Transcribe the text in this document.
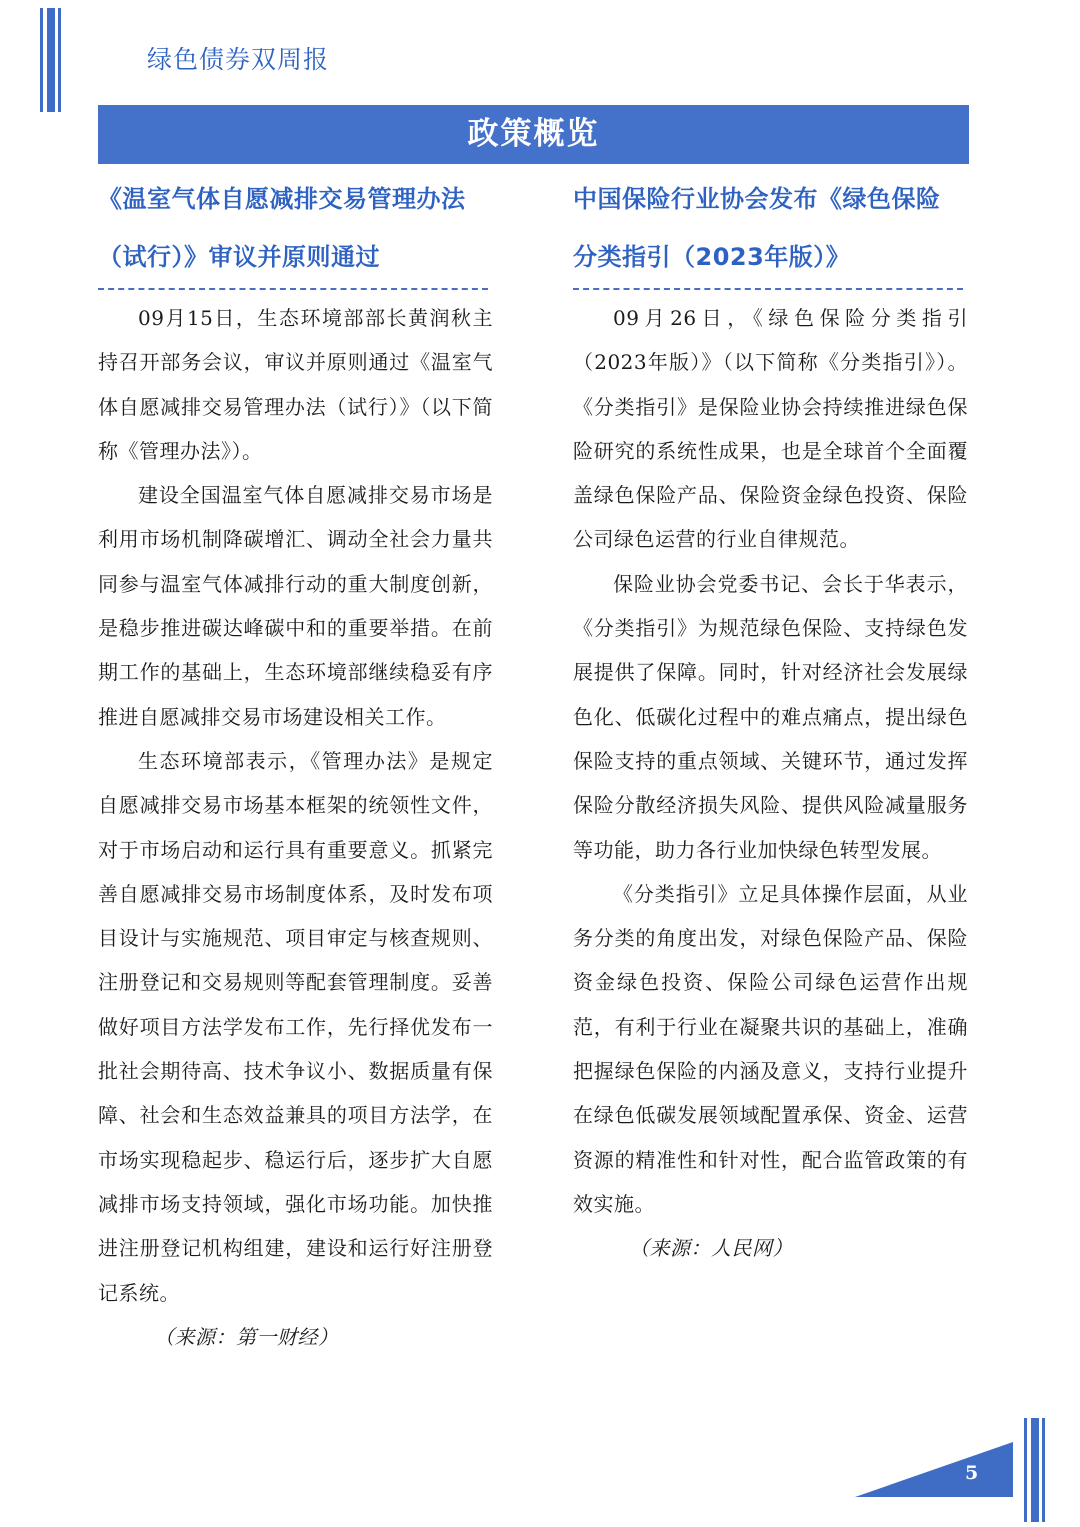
绿色债券双周报
政策概览

《温室气体自愿减排交易管理办法

（试行）》审议并原则通过

09月15日，生态环境部部长黄润秋主持召开部务会议，审议并原则通过《温室气体自愿减排交易管理办法（试行）》（以下简称《管理办法》）。

建设全国温室气体自愿减排交易市场是利用市场机制降碳增汇、调动全社会力量共同参与温室气体减排行动的重大制度创新，是稳步推进碳达峰碳中和的重要举措。在前期工作的基础上，生态环境部继续稳妥有序推进自愿减排交易市场建设相关工作。

生态环境部表示，《管理办法》是规定自愿减排交易市场基本框架的统领性文件，对于市场启动和运行具有重要意义。抓紧完善自愿减排交易市场制度体系，及时发布项目设计与实施规范、项目审定与核查规则、注册登记和交易规则等配套管理制度。妥善做好项目方法学发布工作，先行择优发布一批社会期待高、技术争议小、数据质量有保障、社会和生态效益兼具的项目方法学，在市场实现稳起步、稳运行后，逐步扩大自愿减排市场支持领域，强化市场功能。加快推进注册登记机构组建，建设和运行好注册登记系统。

（来源：第一财经）

中国保险行业协会发布《绿色保险

分类指引（2023年版）》

09月26日，《绿色保险分类指引（2023年版）》（以下简称《分类指引》）。《分类指引》是保险业协会持续推进绿色保险研究的系统性成果，也是全球首个全面覆盖绿色保险产品、保险资金绿色投资、保险公司绿色运营的行业自律规范。

保险业协会党委书记、会长于华表示，《分类指引》为规范绿色保险、支持绿色发展提供了保障。同时，针对经济社会发展绿色化、低碳化过程中的难点痛点，提出绿色保险支持的重点领域、关键环节，通过发挥保险分散经济损失风险、提供风险减量服务等功能，助力各行业加快绿色转型发展。

《分类指引》立足具体操作层面，从业务分类的角度出发，对绿色保险产品、保险资金绿色投资、保险公司绿色运营作出规范，有利于行业在凝聚共识的基础上，准确把握绿色保险的内涵及意义，支持行业提升在绿色低碳发展领域配置承保、资金、运营资源的精准性和针对性，配合监管政策的有效实施。

（来源：人民网）

5
